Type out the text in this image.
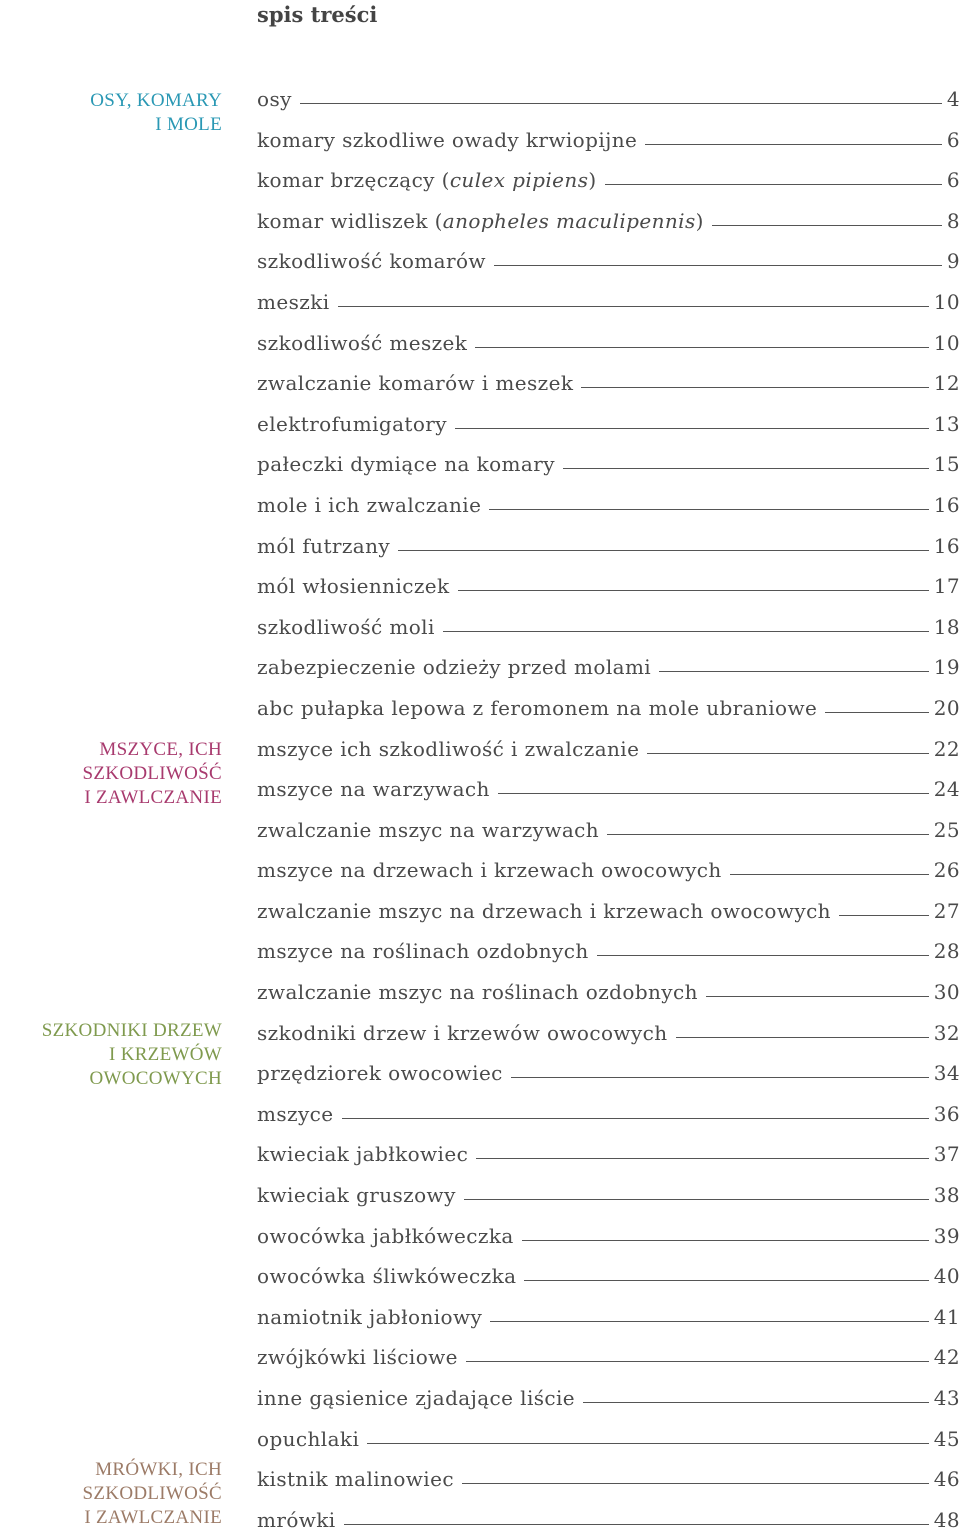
spis treści
OSY, KOMARY
I MOLE
MSZYCE, ICH
SZKODLIWOŚĆ
I ZAWLCZANIE
SZKODNIKI DRZEW
I KRZEWÓW
OWOCOWYCH
MRÓWKI, ICH
SZKODLIWOŚĆ
I ZAWLCZANIE
osy	4
komary szkodliwe owady krwiopijne	6
komar brzęczący (culex pipiens)	6
komar widliszek (anopheles maculipennis)	8
szkodliwość komarów	9
meszki	10
szkodliwość meszek	10
zwalczanie komarów i meszek	12
elektrofumigatory	13
pałeczki dymiące na komary	15
mole i ich zwalczanie	16
mól futrzany	16
mól włosienniczek	17
szkodliwość moli	18
zabezpieczenie odzieży przed molami	19
abc pułapka lepowa z feromonem na mole ubraniowe	20
mszyce ich szkodliwość i zwalczanie	22
mszyce na warzywach	24
zwalczanie mszyc na warzywach	25
mszyce na drzewach i krzewach owocowych	26
zwalczanie mszyc na drzewach i krzewach owocowych	27
mszyce na roślinach ozdobnych	28
zwalczanie mszyc na roślinach ozdobnych	30
szkodniki drzew i krzewów owocowych	32
przędziorek owocowiec	34
mszyce	36
kwieciak jabłkowiec	37
kwieciak gruszowy	38
owocówka jabłkóweczka	39
owocówka śliwkóweczka	40
namiotnik jabłoniowy	41
zwójkówki liściowe	42
inne gąsienice zjadające liście	43
opuchlaki	45
kistnik malinowiec	46
mrówki	48
